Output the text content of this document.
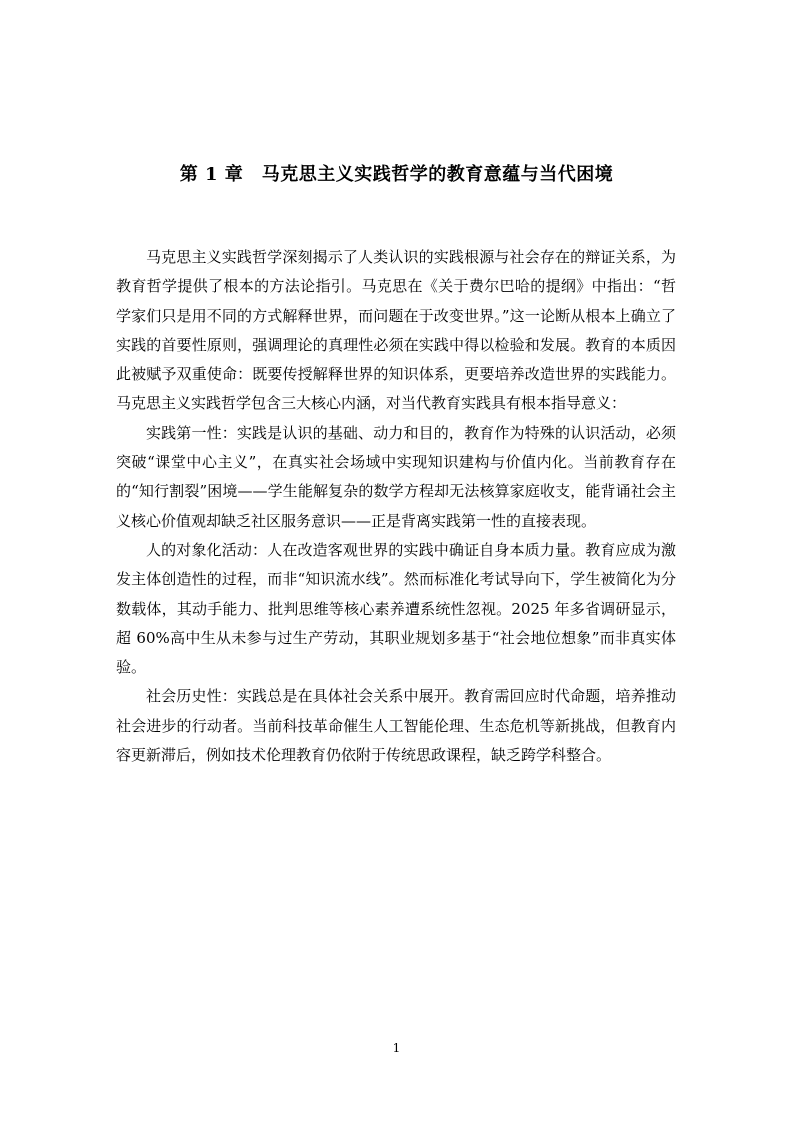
第 1 章　马克思主义实践哲学的教育意蕴与当代困境

马克思主义实践哲学深刻揭示了人类认识的实践根源与社会存在的辩证关系，为教育哲学提供了根本的方法论指引。马克思在《关于费尔巴哈的提纲》中指出：“哲学家们只是用不同的方式解释世界，而问题在于改变世界。”这一论断从根本上确立了实践的首要性原则，强调理论的真理性必须在实践中得以检验和发展。教育的本质因此被赋予双重使命：既要传授解释世界的知识体系，更要培养改造世界的实践能力。马克思主义实践哲学包含三大核心内涵，对当代教育实践具有根本指导意义：

实践第一性：实践是认识的基础、动力和目的，教育作为特殊的认识活动，必须突破“课堂中心主义”，在真实社会场域中实现知识建构与价值内化。当前教育存在的“知行割裂”困境——学生能解复杂的数学方程却无法核算家庭收支，能背诵社会主义核心价值观却缺乏社区服务意识——正是背离实践第一性的直接表现。

人的对象化活动：人在改造客观世界的实践中确证自身本质力量。教育应成为激发主体创造性的过程，而非“知识流水线”。然而标准化考试导向下，学生被简化为分数载体，其动手能力、批判思维等核心素养遭系统性忽视。2025 年多省调研显示，超 60%高中生从未参与过生产劳动，其职业规划多基于“社会地位想象”而非真实体验。

社会历史性：实践总是在具体社会关系中展开。教育需回应时代命题，培养推动社会进步的行动者。当前科技革命催生人工智能伦理、生态危机等新挑战，但教育内容更新滞后，例如技术伦理教育仍依附于传统思政课程，缺乏跨学科整合。

1
